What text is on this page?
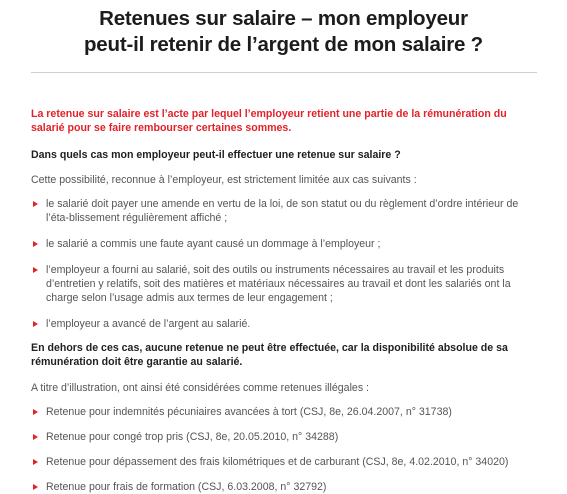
Retenues sur salaire – mon employeur
peut-il retenir de l’argent de mon salaire ?
La retenue sur salaire est l’acte par lequel l’employeur retient une partie de la rémunération du salarié pour se faire rembourser certaines sommes.
Dans quels cas mon employeur peut-il effectuer une retenue sur salaire ?
Cette possibilité, reconnue à l’employeur, est strictement limitée aux cas suivants :
le salarié doit payer une amende en vertu de la loi, de son statut ou du règlement d’ordre intérieur de l’éta-blissement régulièrement affiché ;
le salarié a commis une faute ayant causé un dommage à l’employeur ;
l’employeur a fourni au salarié, soit des outils ou instruments nécessaires au travail et les produits d’entretien y relatifs, soit des matières et matériaux nécessaires au travail et dont les salariés ont la charge selon l’usage admis aux termes de leur engagement ;
l’employeur a avancé de l’argent au salarié.
En dehors de ces cas, aucune retenue ne peut être effectuée, car la disponibilité absolue de sa rémunération doit être garantie au salarié.
A titre d’illustration, ont ainsi été considérées comme retenues illégales :
Retenue pour indemnités pécuniaires avancées à tort (CSJ, 8e, 26.04.2007, n° 31738)
Retenue pour congé trop pris (CSJ, 8e, 20.05.2010, n° 34288)
Retenue pour dépassement des frais kilométriques et de carburant (CSJ, 8e, 4.02.2010, n° 34020)
Retenue pour frais de formation (CSJ, 6.03.2008, n° 32792)
